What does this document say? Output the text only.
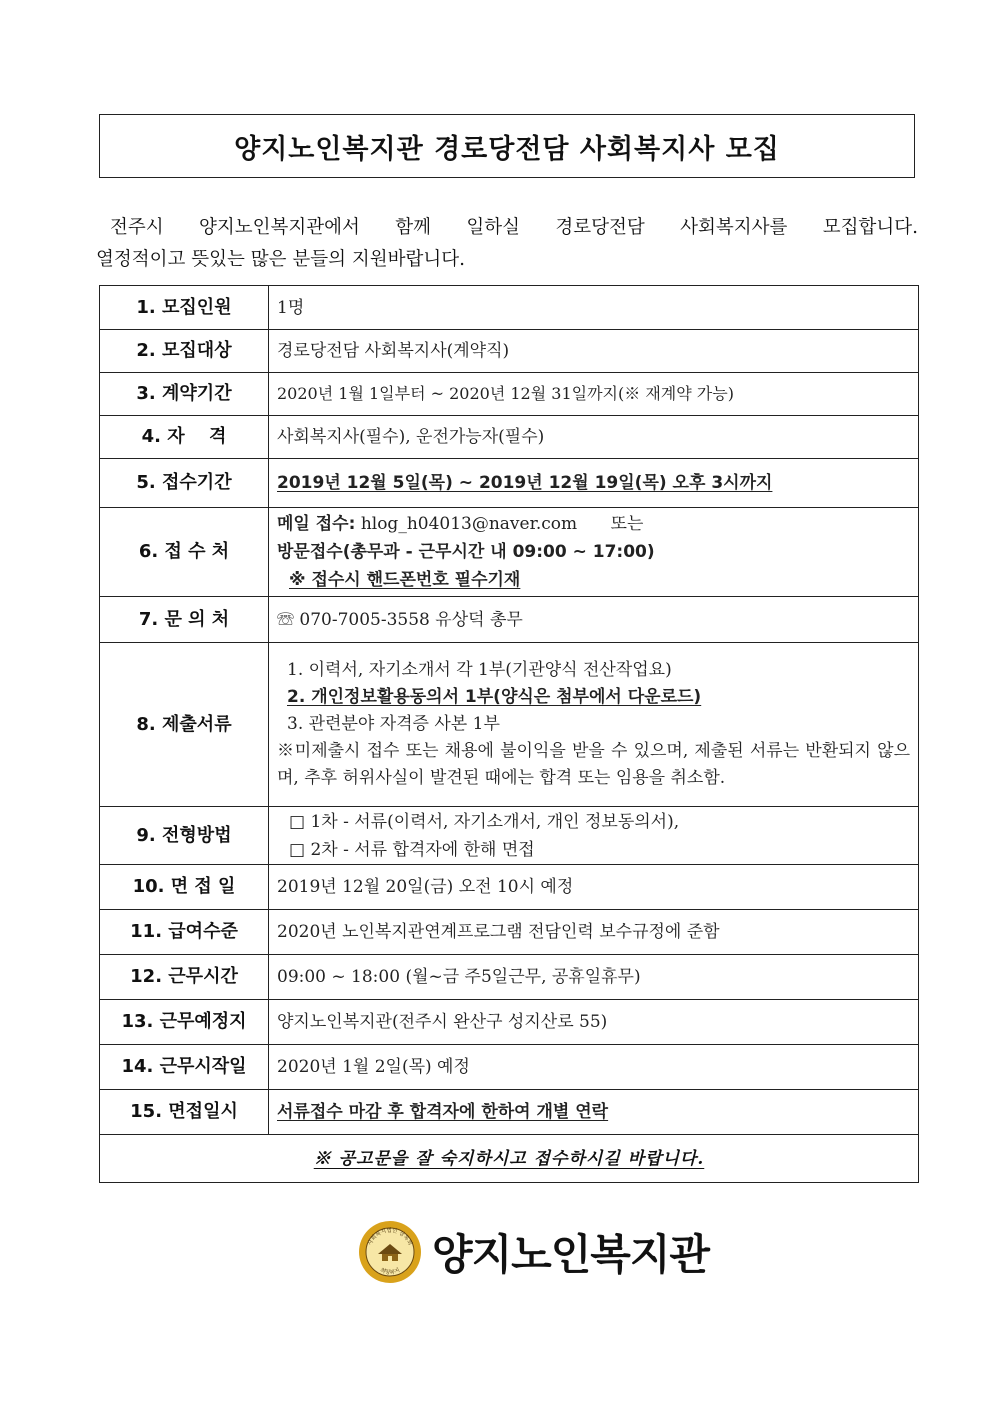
양지노인복지관 경로당전담 사회복지사 모집

전주시 양지노인복지관에서 함께 일하실 경로당전담 사회복지사를 모집합니다.

열정적이고 뜻있는 많은 분들의 지원바랍니다.

1. 모집인원	1명
2. 모집대상	경로당전담 사회복지사(계약직)
3. 계약기간	2020년 1월 1일부터 ~ 2020년 12월 31일까지(※ 재계약 가능)
4. 자　 격	사회복지사(필수), 운전가능자(필수)
5. 접수기간	2019년 12월 5일(목) ~ 2019년 12월 19일(목) 오후 3시까지
6. 접 수 처	메일 접수: hlog_h04013@naver.com 또는
방문접수(총무과 - 근무시간 내 09:00 ~ 17:00)
※ 접수시 핸드폰번호 필수기재

7. 문 의 처	☏ 070-7005-3558 유상덕 총무
8. 제출서류	1. 이력서, 자기소개서 각 1부(기관양식 전산작업요)
2. 개인정보활용동의서 1부(양식은 첨부에서 다운로드)
3. 관련분야 자격증 사본 1부
※미제출시 접수 또는 채용에 불이익을 받을 수 있으며, 제출된 서류는 반환되지 않으며, 추후 허위사실이 발견된 때에는 합격 또는 임용을 취소함.

9. 전형방법	□ 1차 - 서류(이력서, 자기소개서, 개인 정보동의서),
□ 2차 - 서류 합격자에 한해 면접

10. 면 접 일	2019년 12월 20일(금) 오전 10시 예정
11. 급여수준	2020년 노인복지관연계프로그램 전담인력 보수규정에 준함
12. 근무시간	09:00 ~ 18:00 (월~금 주5일근무, 공휴일휴무)
13. 근무예정지	양지노인복지관(전주시 완산구 성지산로 55)
14. 근무시작일	2020년 1월 2일(목) 예정
15. 면접일시	서류접수 마감 후 합격자에 한하여 개별 연락
※ 공고문을 잘 숙지하시고 접수하시길 바랍니다.	
사회복지법인 삼록회
희망복지 양지노인복지관
